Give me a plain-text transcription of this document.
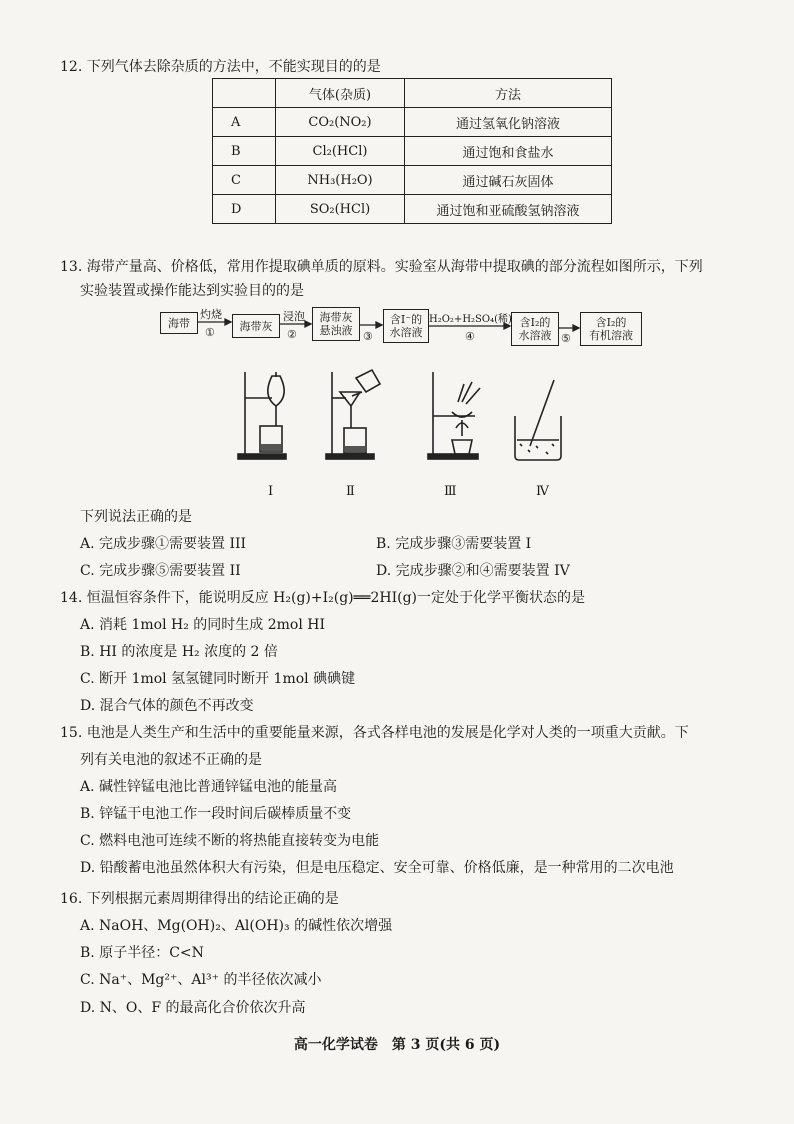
12. 下列气体去除杂质的方法中，不能实现目的的是
	气体(杂质)	方法
A	CO₂(NO₂)	通过氢氧化钠溶液
B	Cl₂(HCl)	通过饱和食盐水
C	NH₃(H₂O)	通过碱石灰固体
D	SO₂(HCl)	通过饱和亚硫酸氢钠溶液
13. 海带产量高、价格低，常用作提取碘单质的原料。实验室从海带中提取碘的部分流程如图所示，下列
实验装置或操作能达到实验目的的是
海带	海带灰
海带灰
悬浊液
含I⁻的
水溶液
含I₂的
水溶液
含I₂的
有机溶液
灼烧
①
浸泡
②	③
H₂O₂+H₂SO₄(稀)
④	⑤
Ⅰ	Ⅱ	Ⅲ	Ⅳ
下列说法正确的是
A. 完成步骤①需要装置 III	B. 完成步骤③需要装置 I
C. 完成步骤⑤需要装置 II	D. 完成步骤②和④需要装置 IV
14. 恒温恒容条件下，能说明反应 H₂(g)+I₂(g)══2HI(g)一定处于化学平衡状态的是
A. 消耗 1mol H₂ 的同时生成 2mol HI
B. HI 的浓度是 H₂ 浓度的 2 倍
C. 断开 1mol 氢氢键同时断开 1mol 碘碘键
D. 混合气体的颜色不再改变
15. 电池是人类生产和生活中的重要能量来源，各式各样电池的发展是化学对人类的一项重大贡献。下
列有关电池的叙述不正确的是
A. 碱性锌锰电池比普通锌锰电池的能量高
B. 锌锰干电池工作一段时间后碳棒质量不变
C. 燃料电池可连续不断的将热能直接转变为电能
D. 铅酸蓄电池虽然体积大有污染，但是电压稳定、安全可靠、价格低廉，是一种常用的二次电池
16. 下列根据元素周期律得出的结论正确的是
A. NaOH、Mg(OH)₂、Al(OH)₃ 的碱性依次增强
B. 原子半径：C<N
C. Na⁺、Mg²⁺、Al³⁺ 的半径依次减小
D. N、O、F 的最高化合价依次升高
高一化学试卷　第 3 页(共 6 页)
